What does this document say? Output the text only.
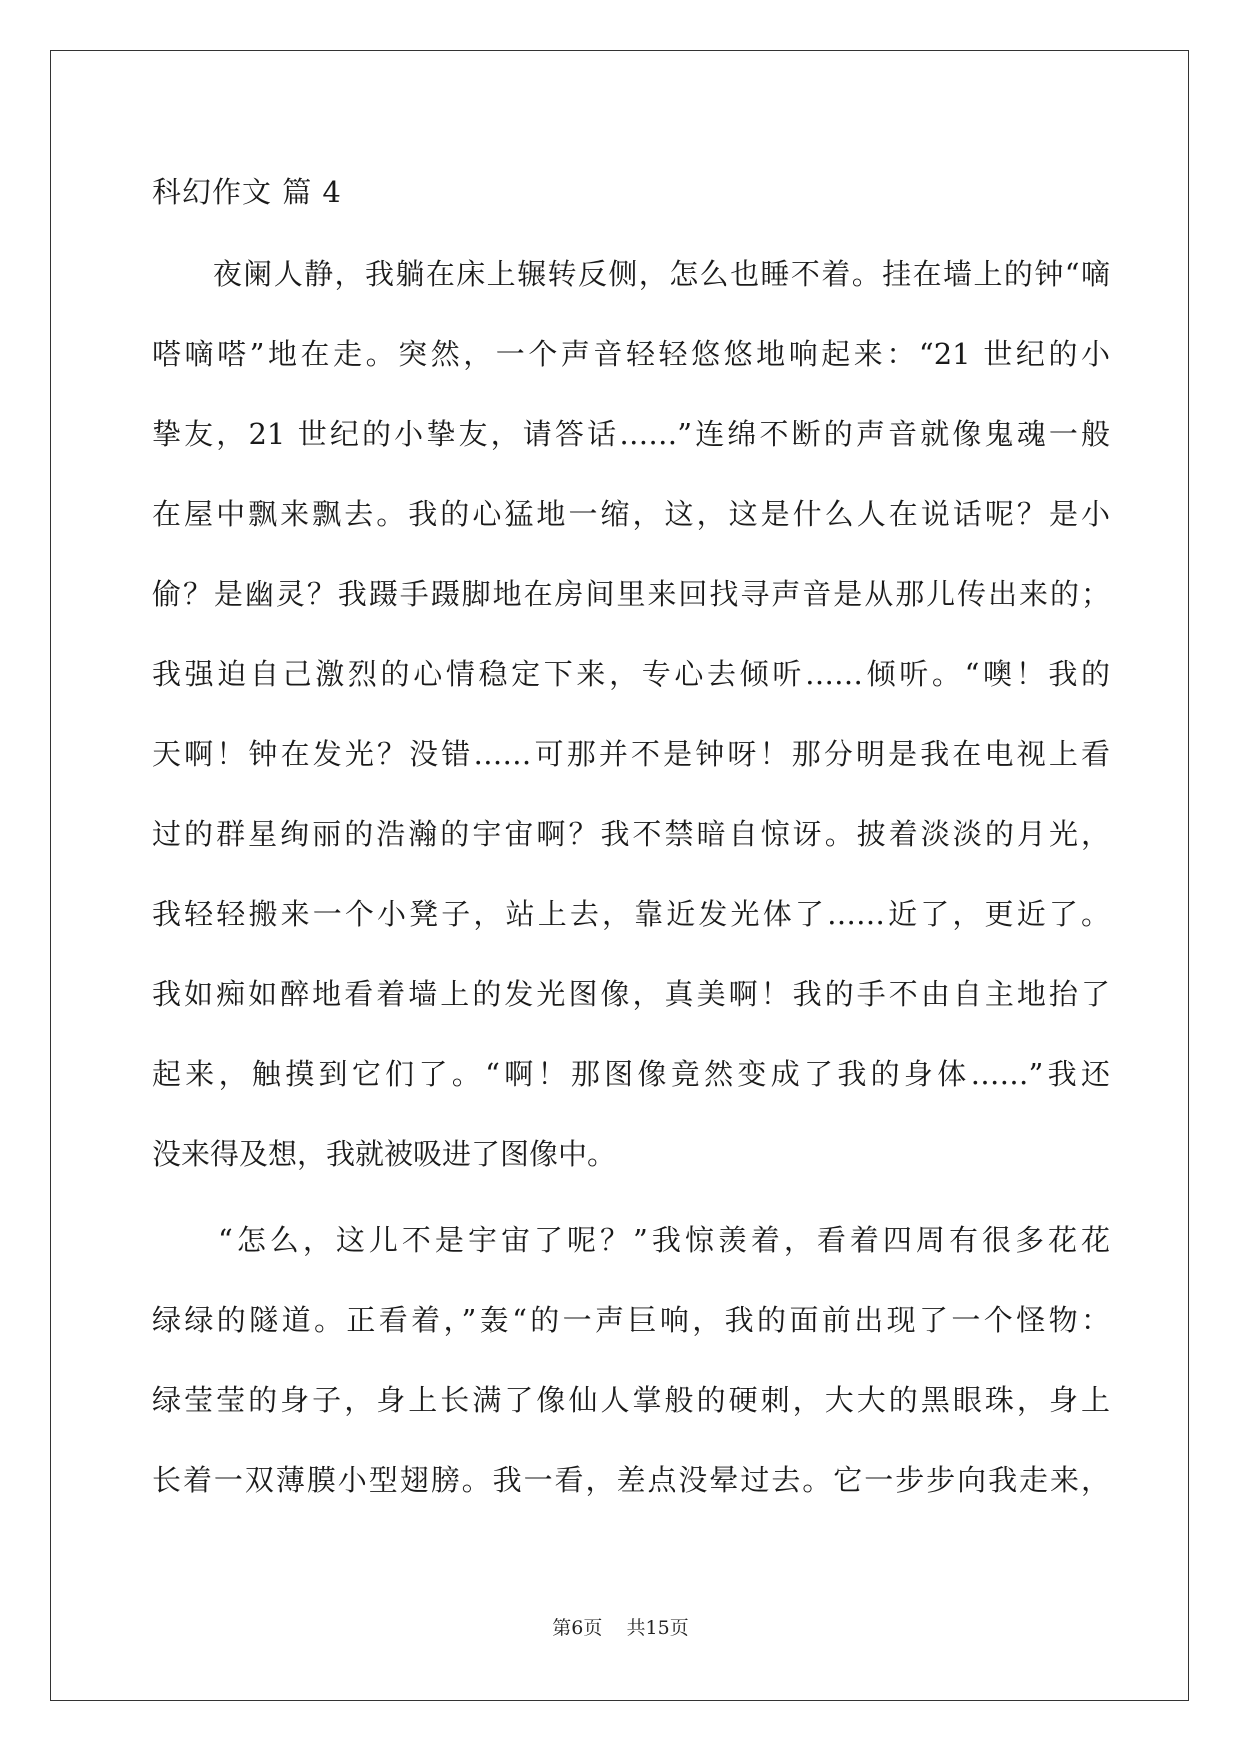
科幻作文 篇 4
　　夜阑人静，我躺在床上辗转反侧，怎么也睡不着。挂在墙上的钟“嘀
嗒嘀嗒”地在走。突然，一个声音轻轻悠悠地响起来：“21 世纪的小
挚友，21 世纪的小挚友，请答话……”连绵不断的声音就像鬼魂一般
在屋中飘来飘去。我的心猛地一缩，这，这是什么人在说话呢？是小
偷？是幽灵？我蹑手蹑脚地在房间里来回找寻声音是从那儿传出来的；
我强迫自己激烈的心情稳定下来，专心去倾听……倾听。“噢！我的
天啊！钟在发光？没错……可那并不是钟呀！那分明是我在电视上看
过的群星绚丽的浩瀚的宇宙啊？我不禁暗自惊讶。披着淡淡的月光，
我轻轻搬来一个小凳子，站上去，靠近发光体了……近了，更近了。
我如痴如醉地看着墙上的发光图像，真美啊！我的手不由自主地抬了
起来，触摸到它们了。“啊！那图像竟然变成了我的身体……”我还
没来得及想，我就被吸进了图像中。
　　“怎么，这儿不是宇宙了呢？”我惊羡着，看着四周有很多花花
绿绿的隧道。正看着，”轰“的一声巨响，我的面前出现了一个怪物：
绿莹莹的身子，身上长满了像仙人掌般的硬刺，大大的黑眼珠，身上
长着一双薄膜小型翅膀。我一看，差点没晕过去。它一步步向我走来，
第6页 共15页
